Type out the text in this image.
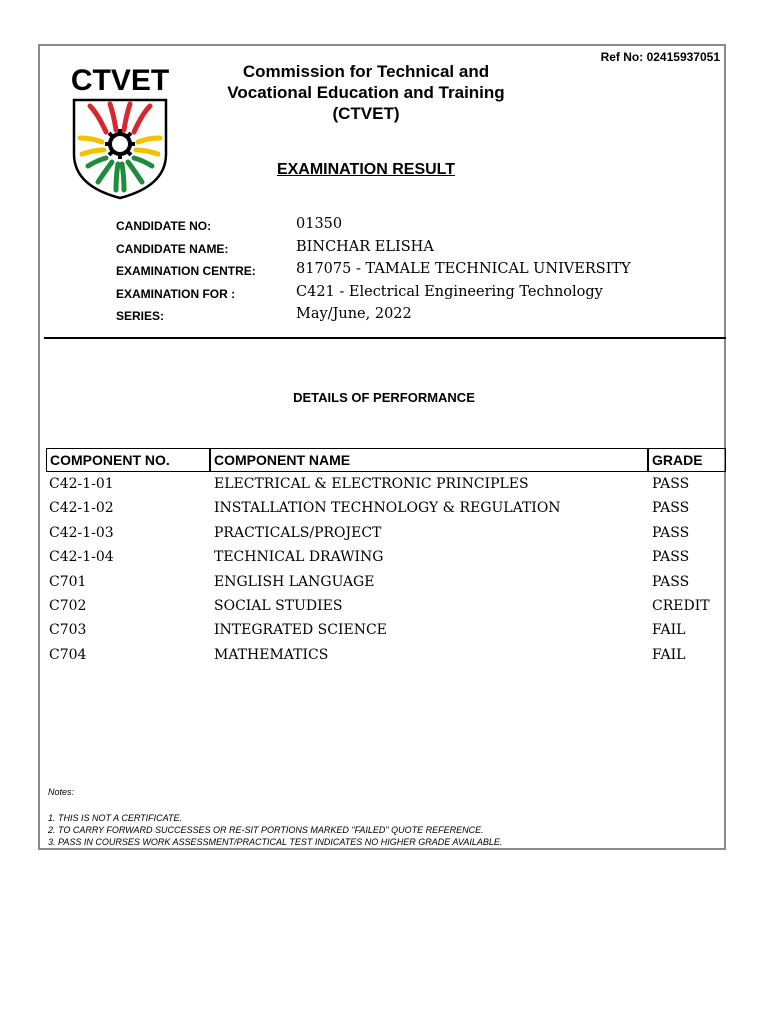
Ref No: 02415937051
CTVET	Commission for Technical and
Vocational Education and Training
(CTVET)
EXAMINATION RESULT
CANDIDATE NO:	01350
CANDIDATE NAME:	BINCHAR ELISHA
EXAMINATION CENTRE:	817075 - TAMALE TECHNICAL UNIVERSITY
EXAMINATION FOR :	C421 - Electrical Engineering Technology
SERIES:	May/June, 2022
DETAILS OF PERFORMANCE
COMPONENT NO.	COMPONENT NAME	GRADE
C42-1-01	ELECTRICAL & ELECTRONIC PRINCIPLES	PASS
C42-1-02	INSTALLATION TECHNOLOGY & REGULATION	PASS
C42-1-03	PRACTICALS/PROJECT	PASS
C42-1-04	TECHNICAL DRAWING	PASS
C701	ENGLISH LANGUAGE	PASS
C702	SOCIAL STUDIES	CREDIT
C703	INTEGRATED SCIENCE	FAIL
C704	MATHEMATICS	FAIL
Notes:
1. THIS IS NOT A CERTIFICATE.
2. TO CARRY FORWARD SUCCESSES OR RE-SIT PORTIONS MARKED "FAILED" QUOTE REFERENCE.
3. PASS IN COURSES WORK ASSESSMENT/PRACTICAL TEST INDICATES NO HIGHER GRADE AVAILABLE.
